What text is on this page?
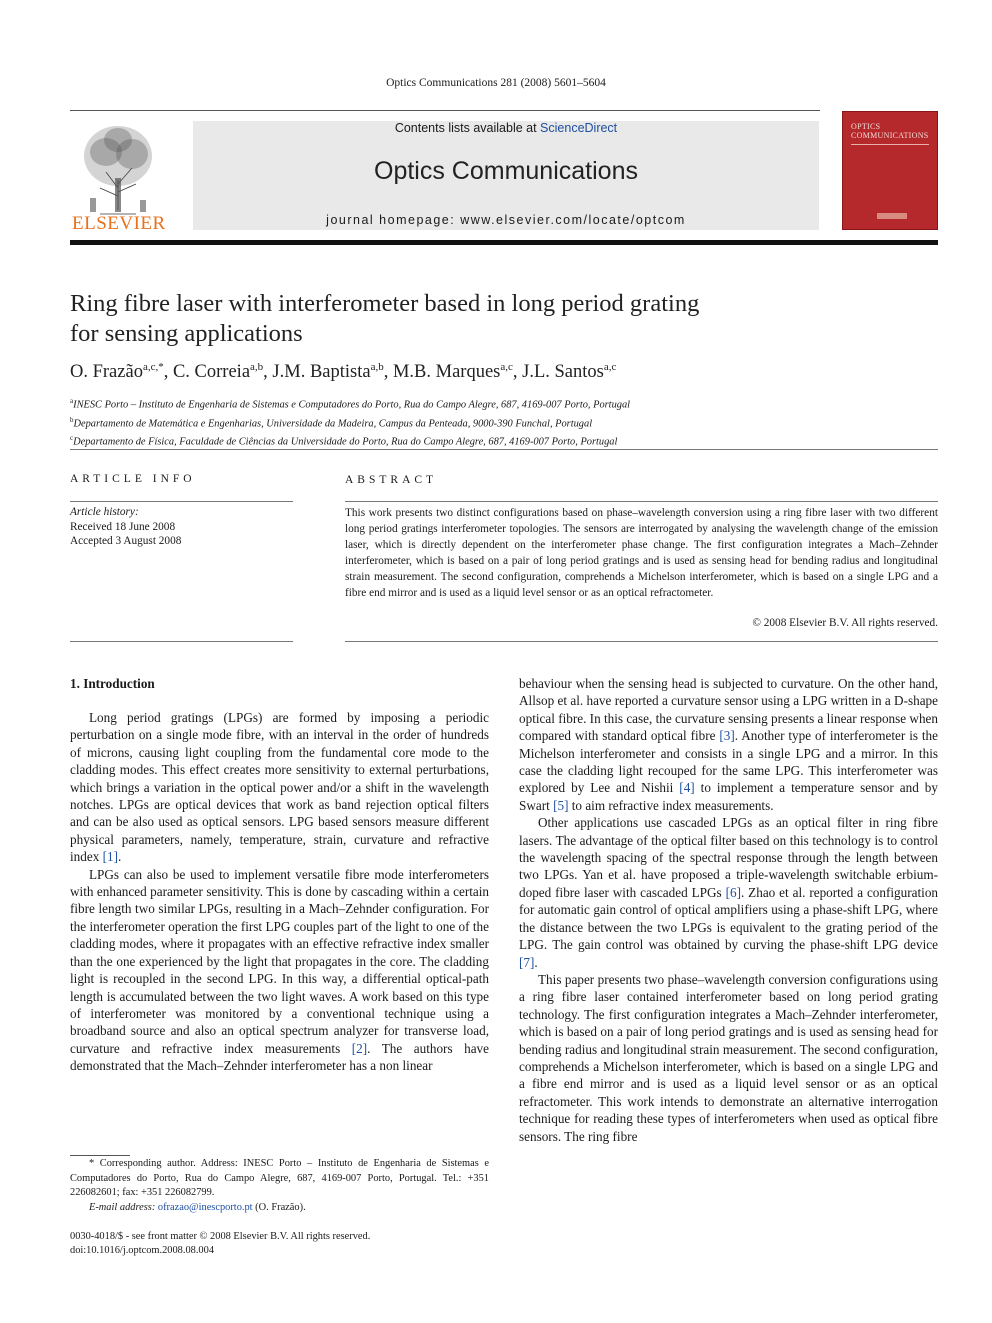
Optics Communications 281 (2008) 5601–5604
ELSEVIER
Contents lists available at ScienceDirect
Optics Communications
journal homepage: www.elsevier.com/locate/optcom
OPTICS COMMUNICATIONS
Ring fibre laser with interferometer based in long period grating
for sensing applications
O. Frazão$^{a,c,*}$, C. Correia$^{a,b}$, J.M. Baptista$^{a,b}$, M.B. Marques$^{a,c}$, J.L. Santos$^{a,c}$
$^a$INESC Porto – Instituto de Engenharia de Sistemas e Computadores do Porto, Rua do Campo Alegre, 687, 4169-007 Porto, Portugal
$^b$Departamento de Matemática e Engenharias, Universidade da Madeira, Campus da Penteada, 9000-390 Funchal, Portugal
$^c$Departamento de Física, Faculdade de Ciências da Universidade do Porto, Rua do Campo Alegre, 687, 4169-007 Porto, Portugal
ARTICLE INFO	ABSTRACT
Article history:
Received 18 June 2008
Accepted 3 August 2008
This work presents two distinct configurations based on phase–wavelength conversion using a ring fibre laser with two different long period gratings interferometer topologies. The sensors are interrogated by analysing the wavelength change of the emission laser, which is directly dependent on the interferometer phase change. The first configuration integrates a Mach–Zehnder interferometer, which is based on a pair of long period gratings and is used as sensing head for bending radius and longitudinal strain measurement. The second configuration, comprehends a Michelson interferometer, which is based on a single LPG and a fibre end mirror and is used as a liquid level sensor or as an optical refractometer.
© 2008 Elsevier B.V. All rights reserved.
1. Introduction

Long period gratings (LPGs) are formed by imposing a periodic perturbation on a single mode fibre, with an interval in the order of hundreds of microns, causing light coupling from the fundamental core mode to the cladding modes. This effect creates more sensitivity to external perturbations, which brings a variation in the optical power and/or a shift in the wavelength notches. LPGs are optical devices that work as band rejection optical filters and can be also used as optical sensors. LPG based sensors measure different physical parameters, namely, temperature, strain, curvature and refractive index [1].

LPGs can also be used to implement versatile fibre mode interferometers with enhanced parameter sensitivity. This is done by cascading within a certain fibre length two similar LPGs, resulting in a Mach–Zehnder configuration. For the interferometer operation the first LPG couples part of the light to one of the cladding modes, where it propagates with an effective refractive index smaller than the one experienced by the light that propagates in the core. The cladding light is recoupled in the second LPG. In this way, a differential optical-path length is accumulated between the two light waves. A work based on this type of interferometer was monitored by a conventional technique using a broadband source and also an optical spectrum analyzer for transverse load, curvature and refractive index measurements [2]. The authors have demonstrated that the Mach–Zehnder interferometer has a non linear

behaviour when the sensing head is subjected to curvature. On the other hand, Allsop et al. have reported a curvature sensor using a LPG written in a D-shape optical fibre. In this case, the curvature sensing presents a linear response when compared with standard optical fibre [3]. Another type of interferometer is the Michelson interferometer and consists in a single LPG and a mirror. In this case the cladding light recouped for the same LPG. This interferometer was explored by Lee and Nishii [4] to implement a temperature sensor and by Swart [5] to aim refractive index measurements.

Other applications use cascaded LPGs as an optical filter in ring fibre lasers. The advantage of the optical filter based on this technology is to control the wavelength spacing of the spectral response through the length between two LPGs. Yan et al. have proposed a triple-wavelength switchable erbium-doped fibre laser with cascaded LPGs [6]. Zhao et al. reported a configuration for automatic gain control of optical amplifiers using a phase-shift LPG, where the distance between the two LPGs is equivalent to the grating period of the LPG. The gain control was obtained by curving the phase-shift LPG device [7].

This paper presents two phase–wavelength conversion configurations using a ring fibre laser contained interferometer based on long period grating technology. The first configuration integrates a Mach–Zehnder interferometer, which is based on a pair of long period gratings and is used as sensing head for bending radius and longitudinal strain measurement. The second configuration, comprehends a Michelson interferometer, which is based on a single LPG and a fibre end mirror and is used as a liquid level sensor or as an optical refractometer. This work intends to demonstrate an alternative interrogation technique for reading these types of interferometers when used as optical fibre sensors. The ring fibre

* Corresponding author. Address: INESC Porto – Instituto de Engenharia de Sistemas e Computadores do Porto, Rua do Campo Alegre, 687, 4169-007 Porto, Portugal. Tel.: +351 226082601; fax: +351 226082799.

E-mail address: ofrazao@inescporto.pt (O. Frazão).

0030-4018/$ - see front matter © 2008 Elsevier B.V. All rights reserved.
doi:10.1016/j.optcom.2008.08.004
